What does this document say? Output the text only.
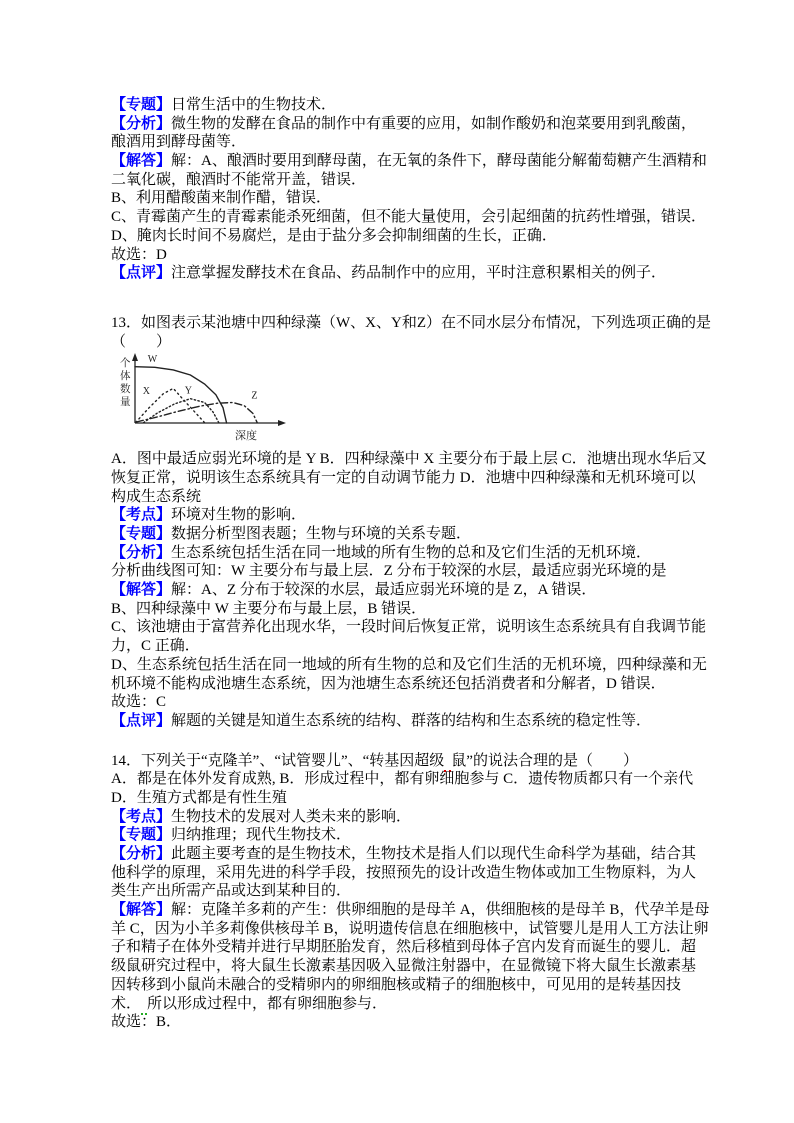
【专题】日常生活中的生物技术．
【分析】微生物的发酵在食品的制作中有重要的应用，如制作酸奶和泡菜要用到乳酸菌，
酿酒用到酵母菌等．
【解答】解：A、酿酒时要用到酵母菌，在无氧的条件下，酵母菌能分解葡萄糖产生酒精和
二氧化碳，酿酒时不能常开盖，错误．
B、利用醋酸菌来制作醋，错误．
C、青霉菌产生的青霉素能杀死细菌，但不能大量使用，会引起细菌的抗药性增强，错误．
D、腌肉长时间不易腐烂，是由于盐分多会抑制细菌的生长，正确．
故选：D
【点评】注意掌握发酵技术在食品、药品制作中的应用，平时注意积累相关的例子．
13．如图表示某池塘中四种绿藻（W、X、Y和Z）在不同水层分布情况，下列选项正确的是
（　　）
个
体
数
量
深度
W
X	Y	Z
A．图中最适应弱光环境的是 Y B．四种绿藻中 X 主要分布于最上层 C．池塘出现水华后又
恢复正常，说明该生态系统具有一定的自动调节能力 D．池塘中四种绿藻和无机环境可以
构成生态系统
【考点】环境对生物的影响．
【专题】数据分析型图表题；生物与环境的关系专题．
【分析】生态系统包括生活在同一地域的所有生物的总和及它们生活的无机环境．
分析曲线图可知：W 主要分布与最上层．Z 分布于较深的水层，最适应弱光环境的是
【解答】解：A、Z 分布于较深的水层，最适应弱光环境的是 Z，A 错误．
B、四种绿藻中 W 主要分布与最上层，B 错误．
C、该池塘由于富营养化出现水华，一段时间后恢复正常，说明该生态系统具有自我调节能
力，C 正确．
D、生态系统包括生活在同一地域的所有生物的总和及它们生活的无机环境，四种绿藻和无
机环境不能构成池塘生态系统，因为池塘生态系统还包括消费者和分解者，D 错误．
故选：C
【点评】解题的关键是知道生态系统的结构、群落的结构和生态系统的稳定性等．
14．下列关于“克隆羊”、“试管婴儿”、“转基因超级 鼠”的说法合理的是（　　）
A．都是在体外发育成熟, B．形成过程中，都有卵细胞参与 C．遗传物质都只有一个亲代
D．生殖方式都是有性生殖
【考点】生物技术的发展对人类未来的影响．
【专题】归纳推理；现代生物技术．
【分析】此题主要考查的是生物技术，生物技术是指人们以现代生命科学为基础，结合其
他科学的原理，采用先进的科学手段，按照预先的设计改造生物体或加工生物原料，为人
类生产出所需产品或达到某种目的．
【解答】解：克隆羊多莉的产生：供卵细胞的是母羊 A，供细胞核的是母羊 B，代孕羊是母
羊 C，因为小羊多莉像供核母羊 B，说明遗传信息在细胞核中，试管婴儿是用人工方法让卵
子和精子在体外受精并进行早期胚胎发育，然后移植到母体子宫内发育而诞生的婴儿．超
级鼠研究过程中，将大鼠生长激素基因吸入显微注射器中，在显微镜下将大鼠生长激素基
因转移到小鼠尚未融合的受精卵内的卵细胞核或精子的细胞核中，可见用的是转基因技
术． 所以形成过程中，都有卵细胞参与．
故选：B．
